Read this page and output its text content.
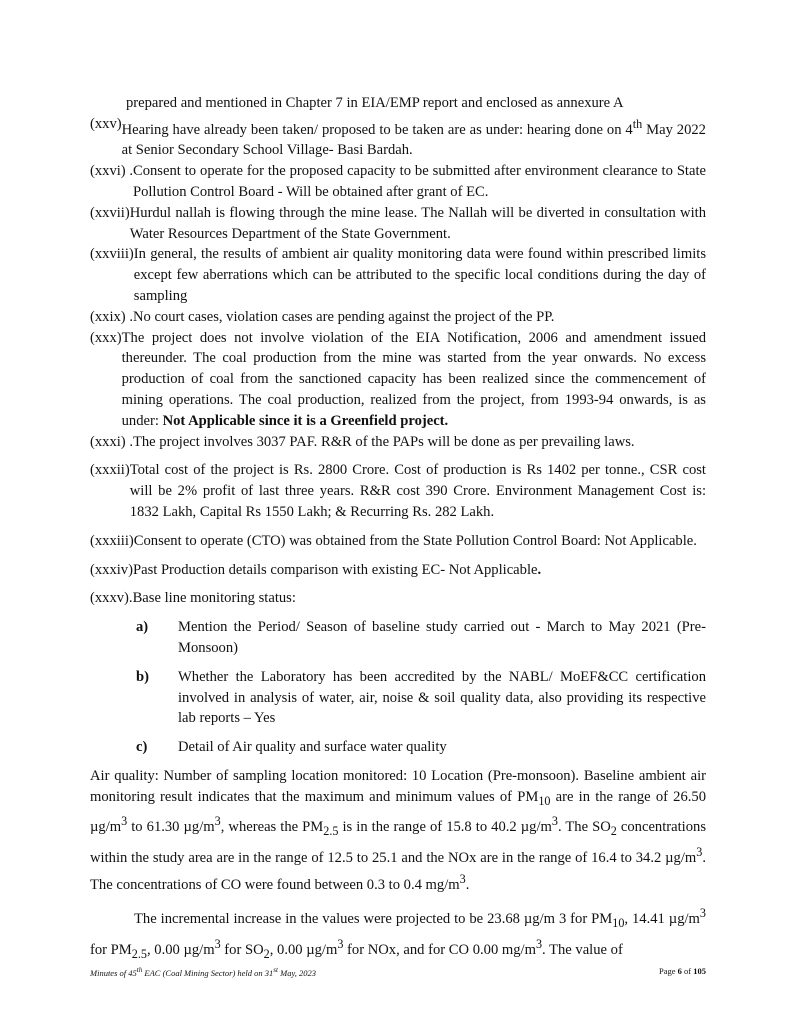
prepared and mentioned in Chapter 7 in EIA/EMP report and enclosed as annexure A
(xxv) Hearing have already been taken/ proposed to be taken are as under: hearing done on 4th May 2022 at Senior Secondary School Village- Basi Bardah.
(xxvi) . Consent to operate for the proposed capacity to be submitted after environment clearance to State Pollution Control Board - Will be obtained after grant of EC.
(xxvii) Hurdul nallah is flowing through the mine lease. The Nallah will be diverted in consultation with Water Resources Department of the State Government.
(xxviii) In general, the results of ambient air quality monitoring data were found within prescribed limits except few aberrations which can be attributed to the specific local conditions during the day of sampling
(xxix) . No court cases, violation cases are pending against the project of the PP.
(xxx) The project does not involve violation of the EIA Notification, 2006 and amendment issued thereunder. The coal production from the mine was started from the year onwards. No excess production of coal from the sanctioned capacity has been realized since the commencement of mining operations. The coal production, realized from the project, from 1993-94 onwards, is as under: Not Applicable since it is a Greenfield project.
(xxxi) . The project involves 3037 PAF. R&R of the PAPs will be done as per prevailing laws.
(xxxii) Total cost of the project is Rs. 2800 Crore. Cost of production is Rs 1402 per tonne., CSR cost will be 2% profit of last three years. R&R cost 390 Crore. Environment Management Cost is: 1832 Lakh, Capital Rs 1550 Lakh; & Recurring Rs. 282 Lakh.
(xxxiii) Consent to operate (CTO) was obtained from the State Pollution Control Board: Not Applicable.
(xxxiv) Past Production details comparison with existing EC- Not Applicable.
(xxxv). Base line monitoring status:
a)	Mention the Period/ Season of baseline study carried out - March to May 2021 (Pre-Monsoon)
b)	Whether the Laboratory has been accredited by the NABL/ MoEF&CC certification involved in analysis of water, air, noise & soil quality data, also providing its respective lab reports – Yes
c)	Detail of Air quality and surface water quality
Air quality: Number of sampling location monitored: 10 Location (Pre-monsoon). Baseline ambient air monitoring result indicates that the maximum and minimum values of $PM_{10}$ are in the range of 26.50 $\mu g/m^3$ to 61.30 $\mu g/m^3$, whereas the $PM_{2.5}$ is in the range of 15.8 to 40.2 $\mu g/m^3$. The $SO_2$ concentrations within the study area are in the range of 12.5 to 25.1 and the NOx are in the range of 16.4 to 34.2 $\mu g/m^3$. The concentrations of CO were found between 0.3 to 0.4 $mg/m^3$.
The incremental increase in the values were projected to be 23.68 µg/m 3 for $PM_{10}$, 14.41 $\mu g/m^3$ for $PM_{2.5}$, 0.00 $\mu g/m^3$ for $SO_2$, 0.00 $\mu g/m^3$ for NOx, and for CO 0.00 $mg/m^3$. The value of
Minutes of 45th EAC (Coal Mining Sector) held on 31st May, 2023	Page 6 of 105
